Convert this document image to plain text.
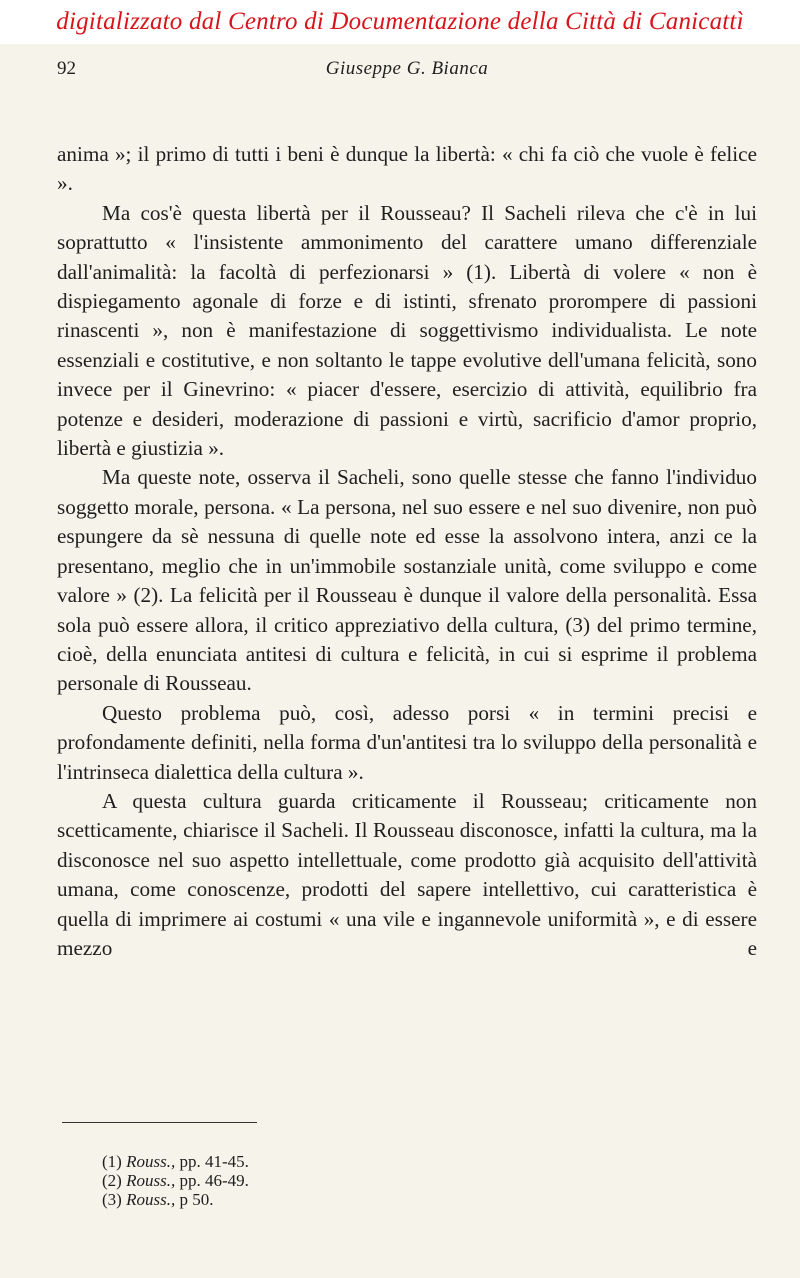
digitalizzato dal Centro di Documentazione della Città di Canicattì
92	Giuseppe G. Bianca

anima »; il primo di tutti i beni è dunque la libertà: « chi fa ciò che vuole è felice ».

Ma cos'è questa libertà per il Rousseau? Il Sacheli rileva che c'è in lui soprattutto « l'insistente ammonimento del carattere umano differenziale dall'animalità: la facoltà di perfezionarsi » (1). Libertà di volere « non è dispiegamento agonale di forze e di istinti, sfrenato prorompere di passioni rinascenti », non è manifestazione di soggettivismo individualista. Le note essenziali e costitutive, e non soltanto le tappe evolutive dell'umana felicità, sono invece per il Ginevrino: « piacer d'essere, esercizio di attività, equilibrio fra potenze e desideri, moderazione di passioni e virtù, sacrificio d'amor proprio, libertà e giustizia ».

Ma queste note, osserva il Sacheli, sono quelle stesse che fanno l'individuo soggetto morale, persona. « La persona, nel suo essere e nel suo divenire, non può espungere da sè nessuna di quelle note ed esse la assolvono intera, anzi ce la presentano, meglio che in un'immobile sostanziale unità, come sviluppo e come valore » (2). La felicità per il Rousseau è dunque il valore della personalità. Essa sola può essere allora, il critico appreziativo della cultura, (3) del primo termine, cioè, della enunciata antitesi di cultura e felicità, in cui si esprime il problema personale di Rousseau.

Questo problema può, così, adesso porsi « in termini precisi e profondamente definiti, nella forma d'un'antitesi tra lo sviluppo della personalità e l'intrinseca dialettica della cultura ».

A questa cultura guarda criticamente il Rousseau; criticamente non scetticamente, chiarisce il Sacheli. Il Rousseau disconosce, infatti la cultura, ma la disconosce nel suo aspetto intellettuale, come prodotto già acquisito dell'attività umana, come conoscenze, prodotti del sapere intellettivo, cui caratteristica è quella di imprimere ai costumi « una vile e ingannevole uniformità », e di essere mezzo e

(1) Rouss., pp. 41-45.
(2) Rouss., pp. 46-49.
(3) Rouss., p 50.
